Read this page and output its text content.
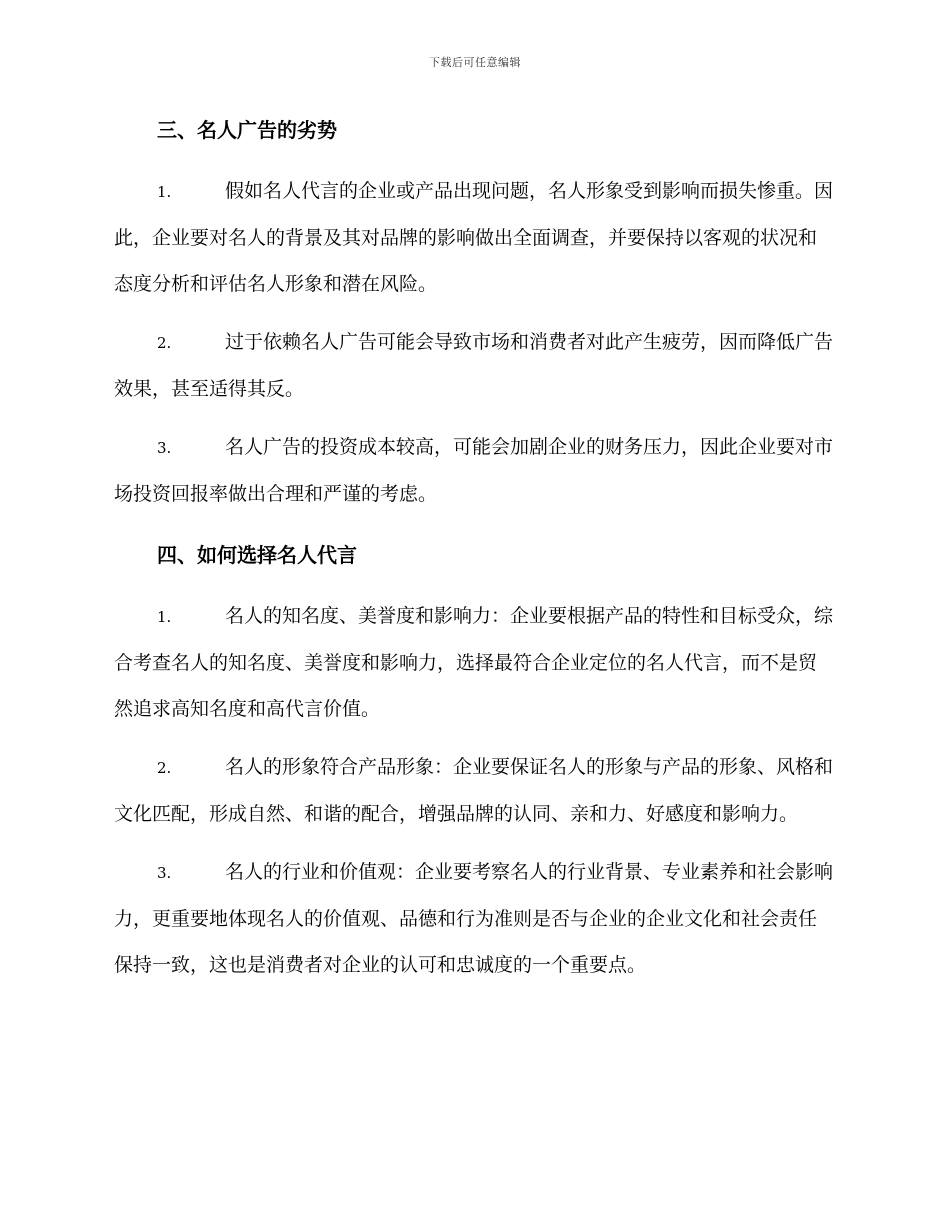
下载后可任意编辑
三、名人广告的劣势

1.	假如名人代言的企业或产品出现问题，名人形象受到影响而损失惨重。因此，企业要对名人的背景及其对品牌的影响做出全面调查，并要保持以客观的状况和态度分析和评估名人形象和潜在风险。

2.	过于依赖名人广告可能会导致市场和消费者对此产生疲劳，因而降低广告效果，甚至适得其反。

3.	名人广告的投资成本较高，可能会加剧企业的财务压力，因此企业要对市场投资回报率做出合理和严谨的考虑。

四、如何选择名人代言

1.	名人的知名度、美誉度和影响力：企业要根据产品的特性和目标受众，综合考查名人的知名度、美誉度和影响力，选择最符合企业定位的名人代言，而不是贸然追求高知名度和高代言价值。

2.	名人的形象符合产品形象：企业要保证名人的形象与产品的形象、风格和文化匹配，形成自然、和谐的配合，增强品牌的认同、亲和力、好感度和影响力。

3.	名人的行业和价值观：企业要考察名人的行业背景、专业素养和社会影响力，更重要地体现名人的价值观、品德和行为准则是否与企业的企业文化和社会责任保持一致，这也是消费者对企业的认可和忠诚度的一个重要点。
